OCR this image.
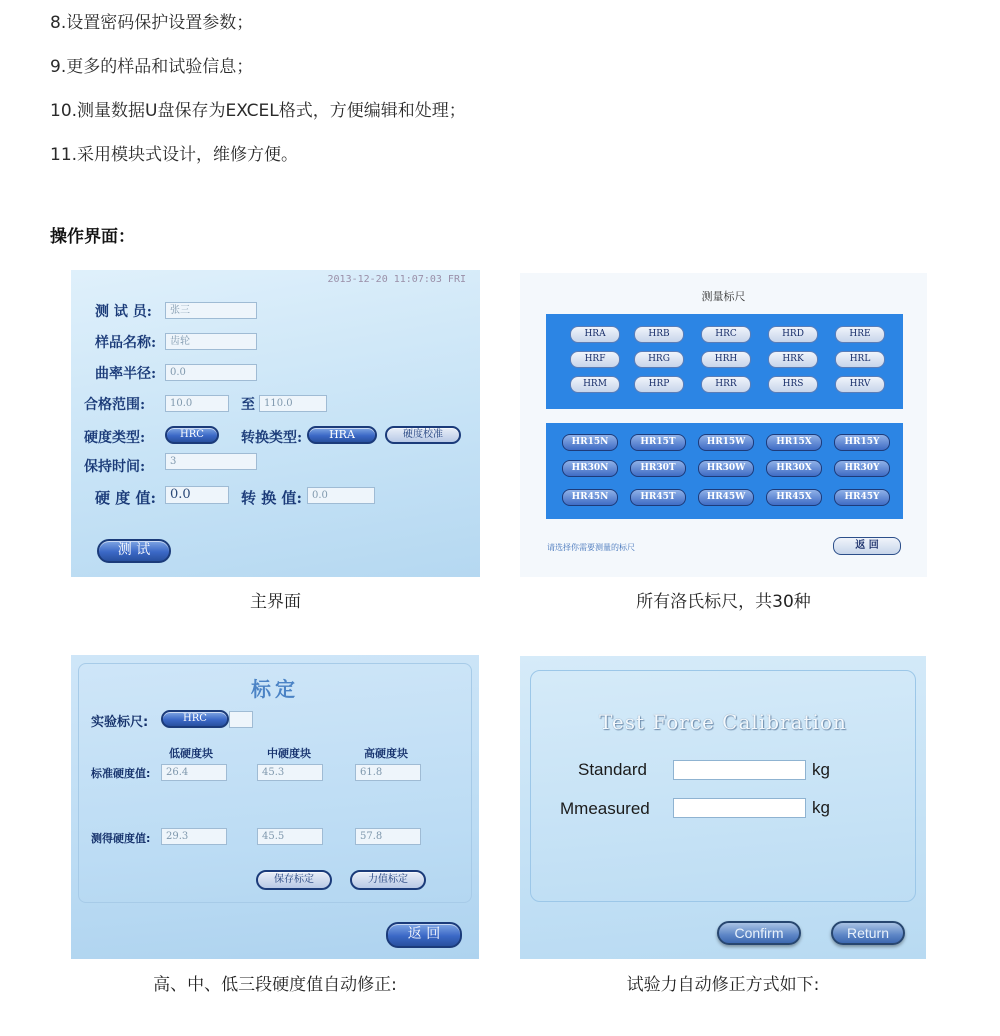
8.设置密码保护设置参数；
9.更多的样品和试验信息；
10.测量数据U盘保存为EXCEL格式，方便编辑和处理；
11.采用模块式设计，维修方便。
操作界面：
2013-12-20 11:07:03 FRI
测 试 员:	张三
样品名称:	齿轮
曲率半径:	0.0
合格范围:	10.0	至 110.0
硬度类型:	HRC	转换类型:	HRA	硬度校准
保持时间:	3
硬 度 值:	0.0	转 换 值:	0.0
测 试
主界面
测量标尺
HRA	HRB	HRC	HRD	HRE
HRF	HRG	HRH	HRK	HRL
HRM	HRP	HRR	HRS	HRV
HR15N	HR15T	HR15W	HR15X	HR15Y
HR30N	HR30T	HR30W	HR30X	HR30Y
HR45N	HR45T	HR45W	HR45X	HR45Y
请选择你需要测量的标尺	返 回
所有洛氏标尺，共30种
标定
实验标尺:	HRC
低硬度块	中硬度块	高硬度块
标准硬度值:	26.4	45.3	61.8
测得硬度值:	29.3	45.5	57.8
保存标定	力值标定
返 回
高、中、低三段硬度值自动修正:
Test Force Calibration
Standard	kg
Mmeasured	kg
Confirm	Return
试验力自动修正方式如下:
